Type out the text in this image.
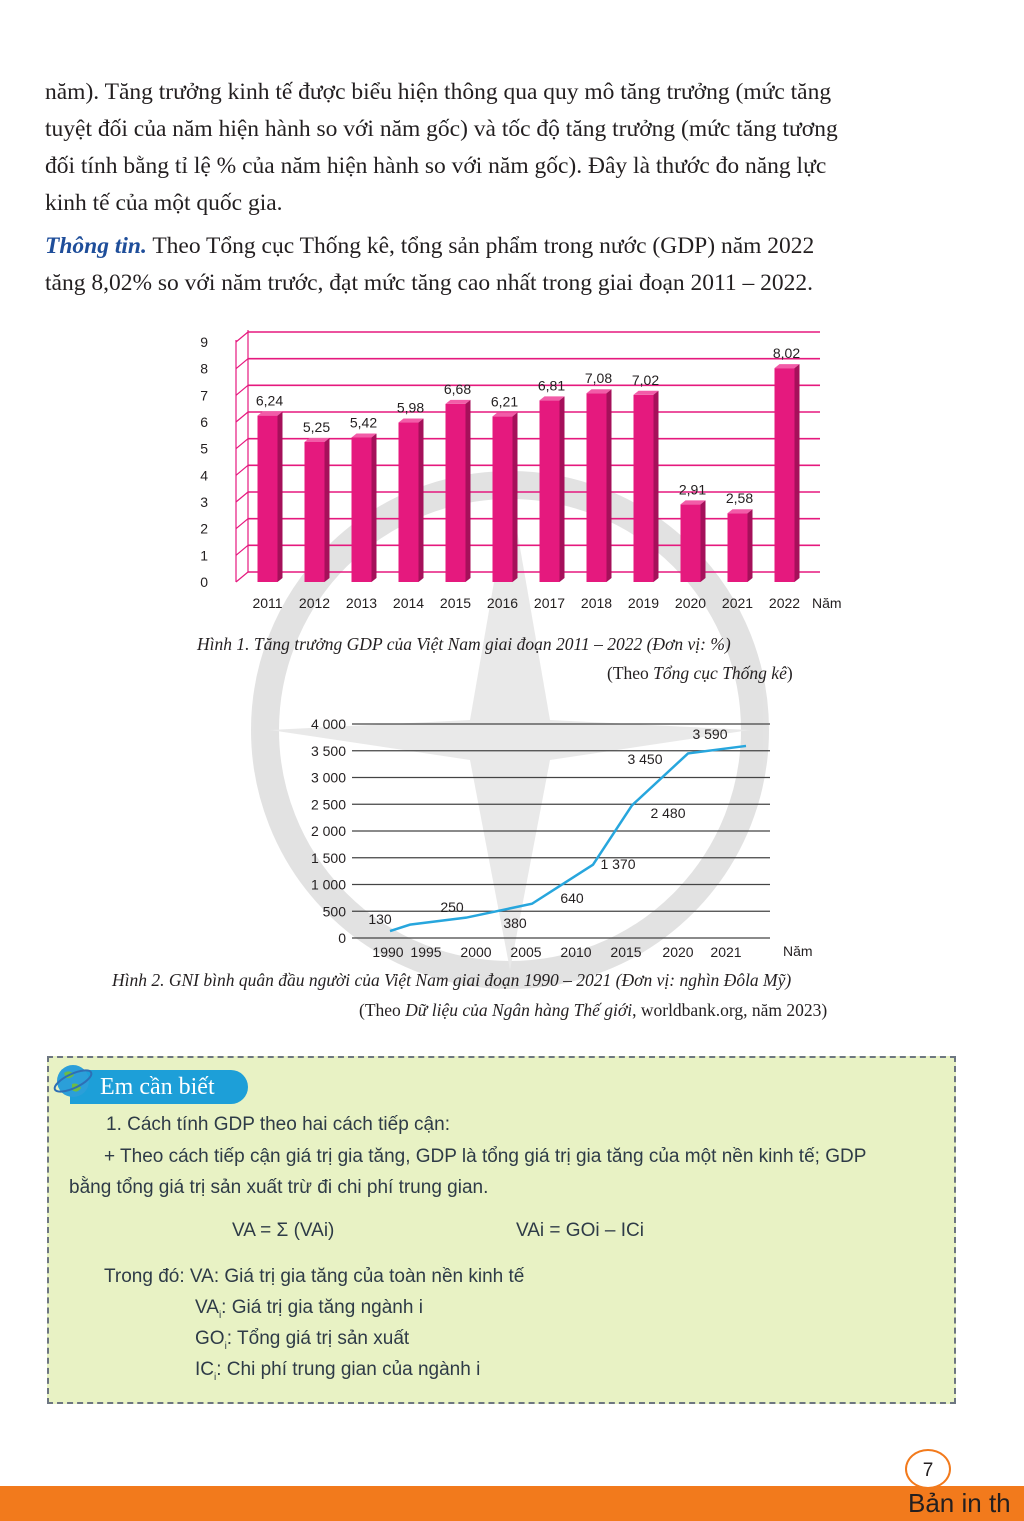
năm). Tăng trưởng kinh tế được biểu hiện thông qua quy mô tăng trưởng (mức tăng
tuyệt đối của năm hiện hành so với năm gốc) và tốc độ tăng trưởng (mức tăng tương
đối tính bằng tỉ lệ % của năm hiện hành so với năm gốc). Đây là thước đo năng lực
kinh tế của một quốc gia.
Thông tin. Theo Tổng cục Thống kê, tổng sản phẩm trong nước (GDP) năm 2022
tăng 8,02% so với năm trước, đạt mức tăng cao nhất trong giai đoạn 2011 – 2022.
0
1
2
3
4
5
6
7
8
9
6,24
2011
5,25
2012
5,42
2013
5,98
2014
6,68
2015
6,21
2016
6,81
2017
7,08
2018
7,02
2019
2,91
2020
2,58
2021
8,02
2022 Năm
Hình 1. Tăng trưởng GDP của Việt Nam giai đoạn 2011 – 2022 (Đơn vị: %)
(Theo Tổng cục Thống kê)
0
500
1 000
1 500
2 000
2 500
3 000
3 500
4 000
130
250
380
640
1 370
2 480
3 450
3 590
1990 1995 2000 2005 2010 2015 2020 2021	Năm
Hình 2. GNI bình quân đầu người của Việt Nam giai đoạn 1990 – 2021 (Đơn vị: nghìn Đôla Mỹ)
(Theo Dữ liệu của Ngân hàng Thế giới, worldbank.org, năm 2023)
Em cần biết
1. Cách tính GDP theo hai cách tiếp cận:
+ Theo cách tiếp cận giá trị gia tăng, GDP là tổng giá trị gia tăng của một nền kinh tế; GDP
bằng tổng giá trị sản xuất trừ đi chi phí trung gian.
VA = Σ (VAi)	VAi = GOi – ICi
Trong đó: VA: Giá trị gia tăng của toàn nền kinh tế
$VA_i$: Giá trị gia tăng ngành i
$GO_i$: Tổng giá trị sản xuất
$IC_i$: Chi phí trung gian của ngành i
7
Bản in th
